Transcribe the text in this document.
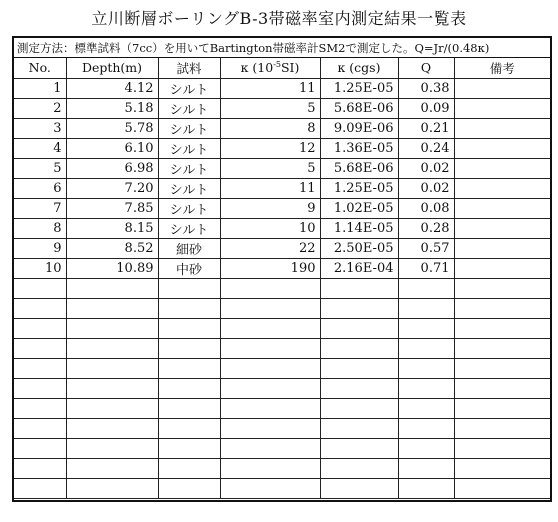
立川断層ボーリングB-3帯磁率室内測定結果一覧表
測定方法：標準試料（7cc）を用いてBartington帯磁率計SM2で測定した。Q=Jr/(0.48κ)
No.	Depth(m)	試料	κ $(10^{-5}SI)$	κ (cgs)	Q	備考
1	4.12	シルト	11	1.25E-05	0.38	
2	5.18	シルト	5	5.68E-06	0.09	
3	5.78	シルト	8	9.09E-06	0.21	
4	6.10	シルト	12	1.36E-05	0.24	
5	6.98	シルト	5	5.68E-06	0.02	
6	7.20	シルト	11	1.25E-05	0.02	
7	7.85	シルト	9	1.02E-05	0.08	
8	8.15	シルト	10	1.14E-05	0.28	
9	8.52	細砂	22	2.50E-05	0.57	
10	10.89	中砂	190	2.16E-04	0.71	
